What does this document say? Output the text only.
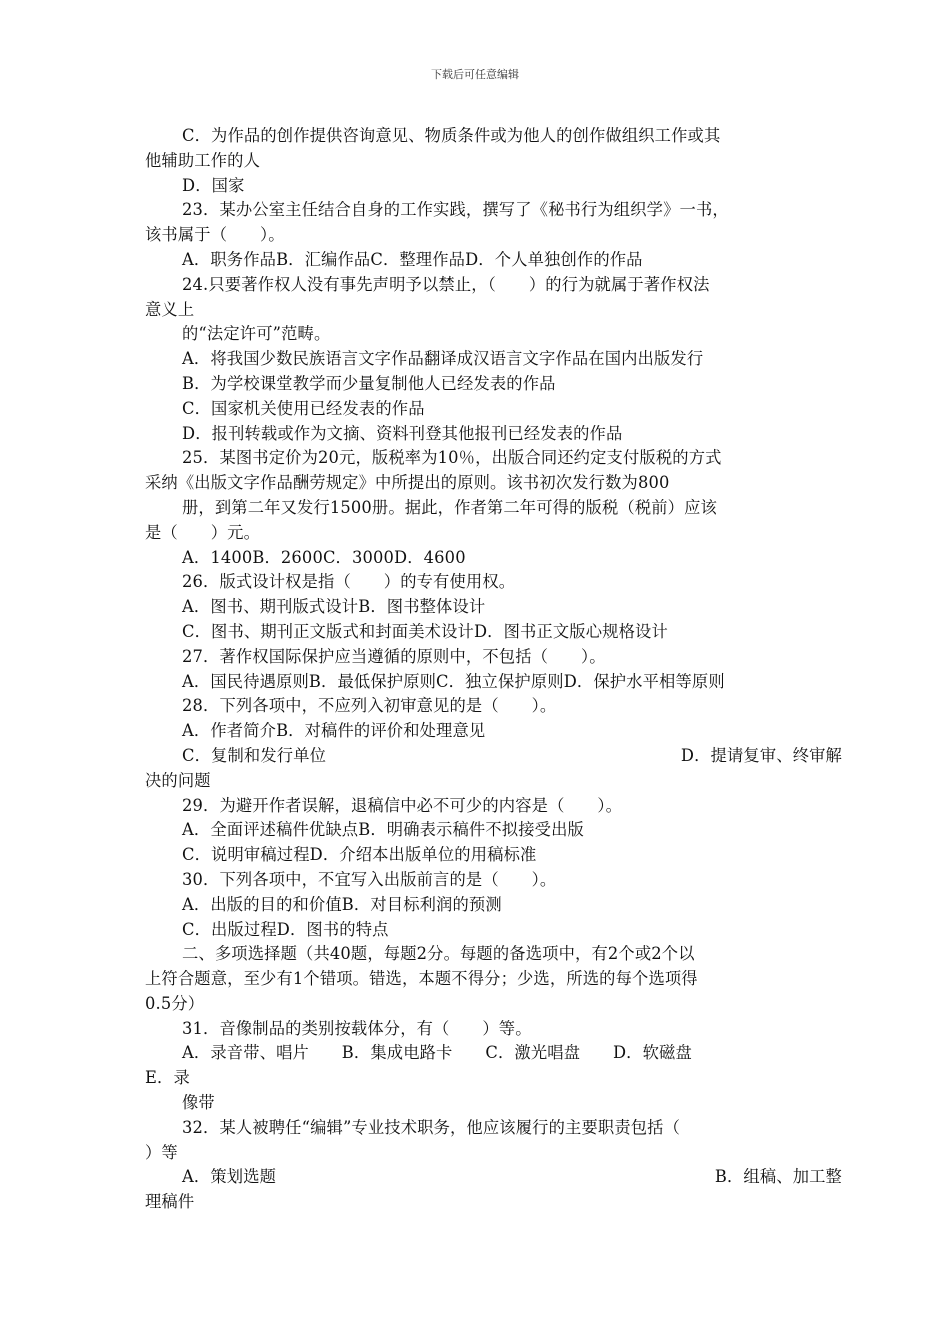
下载后可任意编辑
C．为作品的创作提供咨询意见、物质条件或为他人的创作做组织工作或其
他辅助工作的人
D．国家
23．某办公室主任结合自身的工作实践，撰写了《秘书行为组织学》一书，
该书属于（　　）。
A．职务作品B．汇编作品C．整理作品D．个人单独创作的作品
24.只要著作权人没有事先声明予以禁止，（　　）的行为就属于著作权法
意义上
的“法定许可”范畴。
A．将我国少数民族语言文字作品翻译成汉语言文字作品在国内出版发行
B．为学校课堂教学而少量复制他人已经发表的作品
C．国家机关使用已经发表的作品
D．报刊转载或作为文摘、资料刊登其他报刊已经发表的作品
25．某图书定价为20元，版税率为10％，出版合同还约定支付版税的方式
采纳《出版文字作品酬劳规定》中所提出的原则。该书初次发行数为800
册，到第二年又发行1500册。据此，作者第二年可得的版税（税前）应该
是（　　）元。
A．1400B．2600C．3000D．4600
26．版式设计权是指（　　）的专有使用权。
A．图书、期刊版式设计B．图书整体设计
C．图书、期刊正文版式和封面美术设计D．图书正文版心规格设计
27．著作权国际保护应当遵循的原则中，不包括（　　）。
A．国民待遇原则B．最低保护原则C．独立保护原则D．保护水平相等原则
28．下列各项中，不应列入初审意见的是（　　）。
A．作者简介B．对稿件的评价和处理意见
C．复制和发行单位	D．提请复审、终审解
决的问题
29．为避开作者误解，退稿信中必不可少的内容是（　　）。
A．全面评述稿件优缺点B．明确表示稿件不拟接受出版
C．说明审稿过程D．介绍本出版单位的用稿标准
30．下列各项中，不宜写入出版前言的是（　　）。
A．出版的目的和价值B．对目标利润的预测
C．出版过程D．图书的特点
二、多项选择题（共40题，每题2分。每题的备选项中，有2个或2个以
上符合题意，至少有1个错项。错选，本题不得分；少选，所选的每个选项得
0.5分）
31．音像制品的类别按载体分，有（　　）等。
A．录音带、唱片　　B．集成电路卡　　C．激光唱盘　　D．软磁盘
E．录
像带
32．某人被聘任“编辑”专业技术职务，他应该履行的主要职责包括（
）等
A．策划选题	B．组稿、加工整
理稿件
